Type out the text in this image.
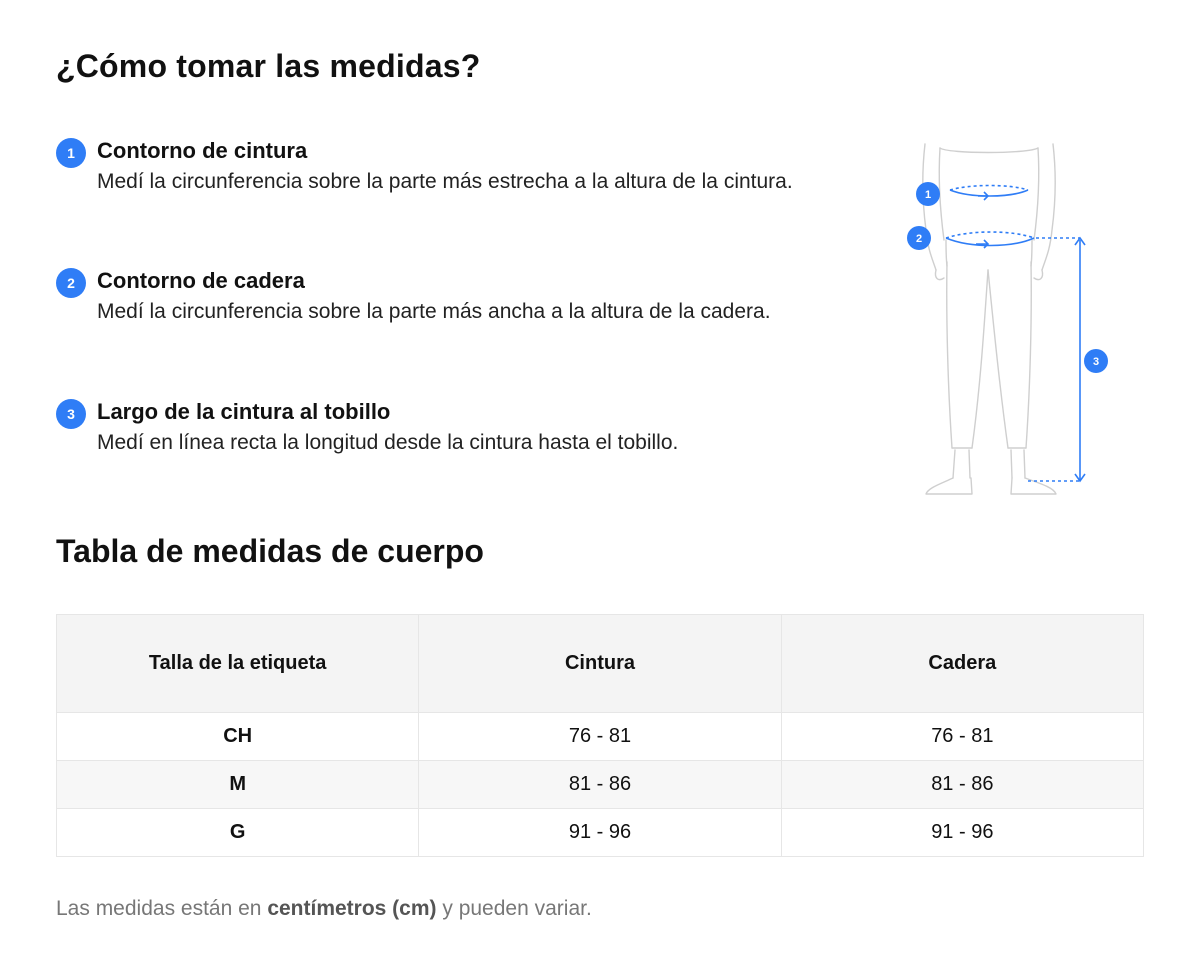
¿Cómo tomar las medidas?
1	Contorno de cintura
Medí la circunferencia sobre la parte más estrecha a la altura de la cintura.
2	Contorno de cadera
Medí la circunferencia sobre la parte más ancha a la altura de la cadera.
3	Largo de la cintura al tobillo
Medí en línea recta la longitud desde la cintura hasta el tobillo.
1
2
3
Tabla de medidas de cuerpo
Talla de la etiqueta	Cintura	Cadera
CH	76 - 81	76 - 81
M	81 - 86	81 - 86
G	91 - 96	91 - 96
Las medidas están en centímetros (cm) y pueden variar.
